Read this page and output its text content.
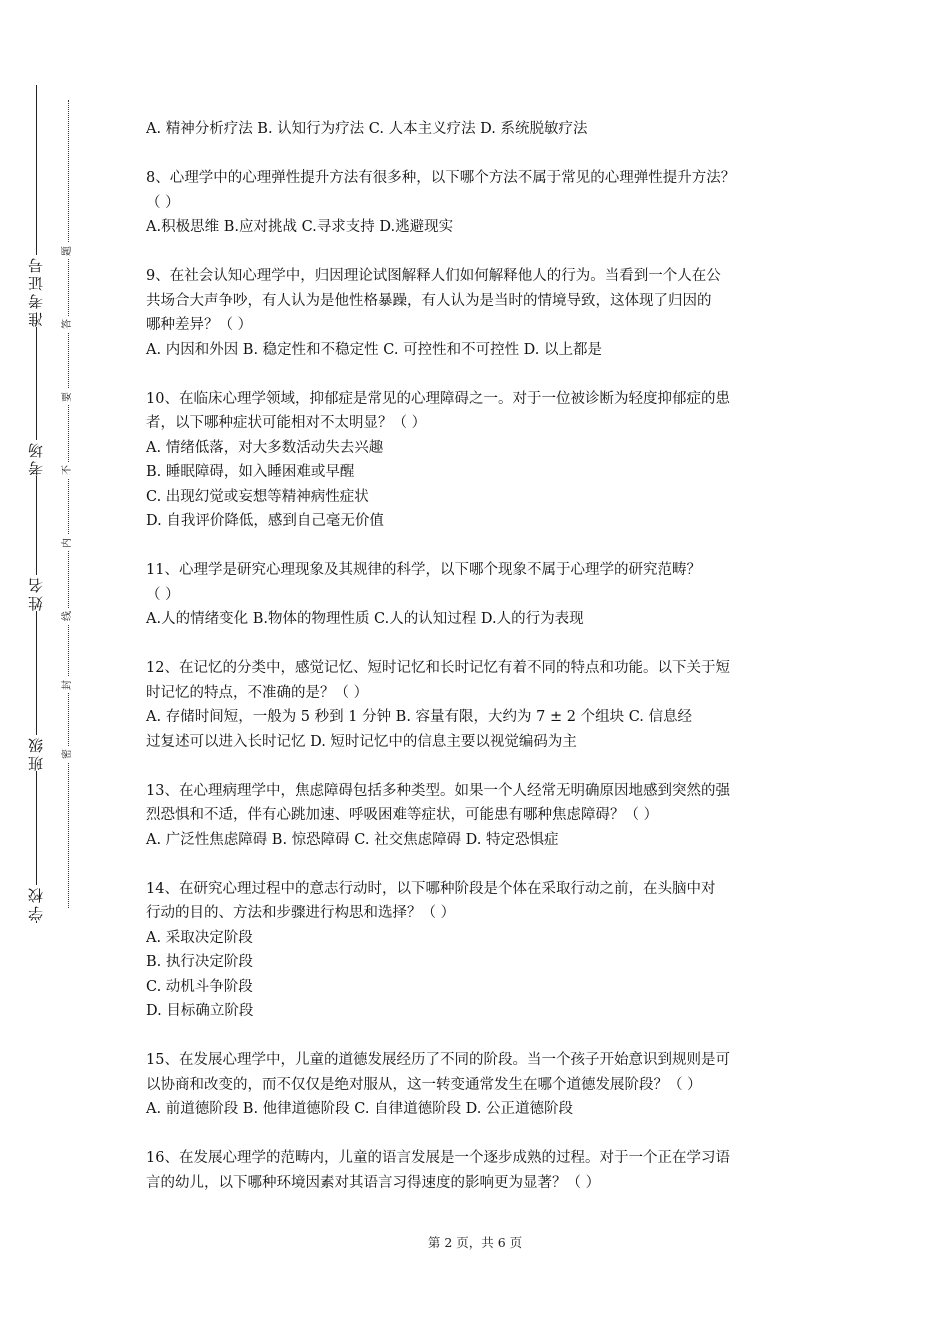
学校
班级
姓名
考场
准考证号
密
封
线
内
不
要
答
题

A. 精神分析疗法 B. 认知行为疗法 C. 人本主义疗法 D. 系统脱敏疗法

8、心理学中的心理弹性提升方法有很多种，以下哪个方法不属于常见的心理弹性提升方法？

（ ）

A.积极思维 B.应对挑战 C.寻求支持 D.逃避现实

9、在社会认知心理学中，归因理论试图解释人们如何解释他人的行为。当看到一个人在公

共场合大声争吵，有人认为是他性格暴躁，有人认为是当时的情境导致，这体现了归因的

哪种差异？（ ）

A. 内因和外因 B. 稳定性和不稳定性 C. 可控性和不可控性 D. 以上都是

10、在临床心理学领域，抑郁症是常见的心理障碍之一。对于一位被诊断为轻度抑郁症的患

者，以下哪种症状可能相对不太明显？（ ）

A. 情绪低落，对大多数活动失去兴趣

B. 睡眠障碍，如入睡困难或早醒

C. 出现幻觉或妄想等精神病性症状

D. 自我评价降低，感到自己毫无价值

11、心理学是研究心理现象及其规律的科学，以下哪个现象不属于心理学的研究范畴？

（ ）

A.人的情绪变化 B.物体的物理性质 C.人的认知过程 D.人的行为表现

12、在记忆的分类中，感觉记忆、短时记忆和长时记忆有着不同的特点和功能。以下关于短

时记忆的特点，不准确的是？（ ）

A. 存储时间短，一般为 5 秒到 1 分钟 B. 容量有限，大约为 7 ± 2 个组块 C. 信息经

过复述可以进入长时记忆 D. 短时记忆中的信息主要以视觉编码为主

13、在心理病理学中，焦虑障碍包括多种类型。如果一个人经常无明确原因地感到突然的强

烈恐惧和不适，伴有心跳加速、呼吸困难等症状，可能患有哪种焦虑障碍？（ ）

A. 广泛性焦虑障碍 B. 惊恐障碍 C. 社交焦虑障碍 D. 特定恐惧症

14、在研究心理过程中的意志行动时，以下哪种阶段是个体在采取行动之前，在头脑中对

行动的目的、方法和步骤进行构思和选择？（ ）

A. 采取决定阶段

B. 执行决定阶段

C. 动机斗争阶段

D. 目标确立阶段

15、在发展心理学中，儿童的道德发展经历了不同的阶段。当一个孩子开始意识到规则是可

以协商和改变的，而不仅仅是绝对服从，这一转变通常发生在哪个道德发展阶段？（ ）

A. 前道德阶段 B. 他律道德阶段 C. 自律道德阶段 D. 公正道德阶段

16、在发展心理学的范畴内，儿童的语言发展是一个逐步成熟的过程。对于一个正在学习语

言的幼儿，以下哪种环境因素对其语言习得速度的影响更为显著？（ ）

第 2 页，共 6 页
